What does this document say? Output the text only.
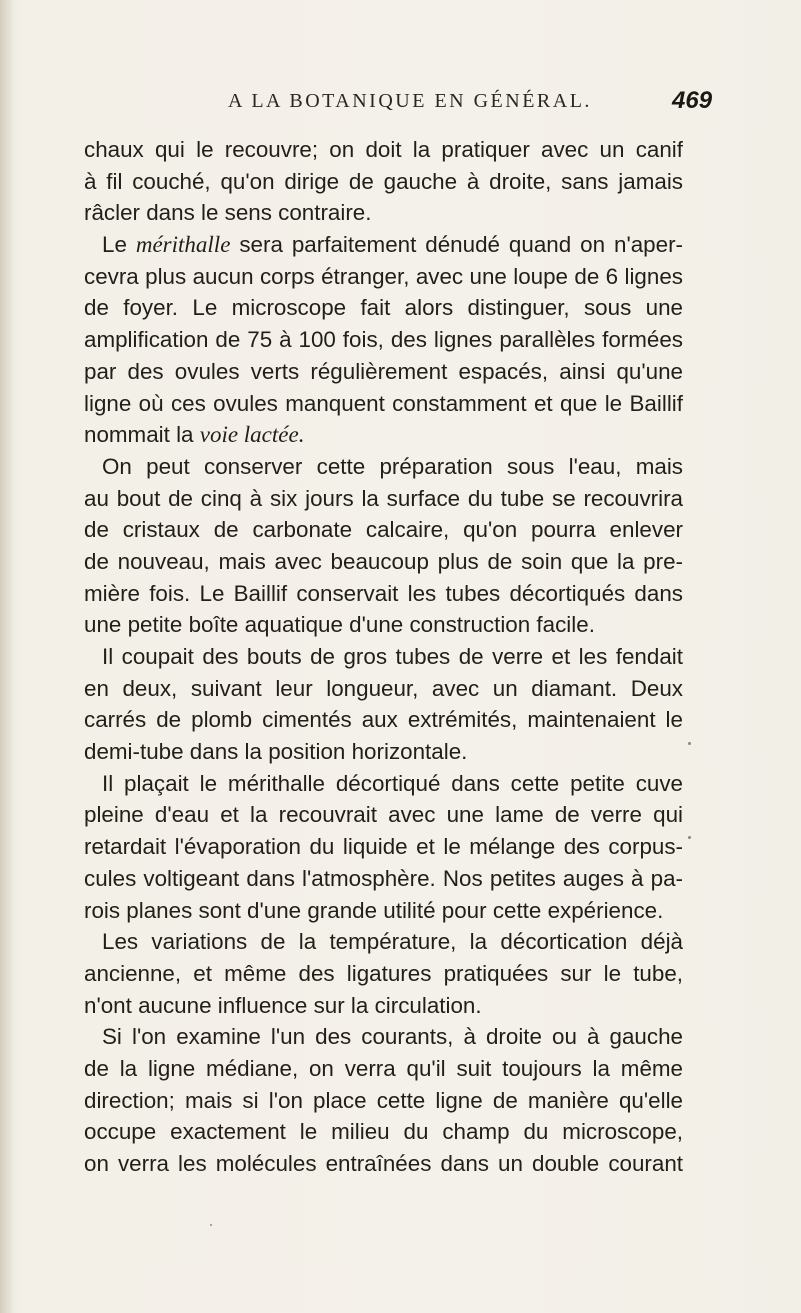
A LA BOTANIQUE EN GÉNÉRAL.	469
chaux qui le recouvre; on doit la pratiquer avec un canif
à fil couché, qu'on dirige de gauche à droite, sans jamais
râcler dans le sens contraire.
Le mérithalle sera parfaitement dénudé quand on n'aper-
cevra plus aucun corps étranger, avec une loupe de 6 lignes
de foyer. Le microscope fait alors distinguer, sous une
amplification de 75 à 100 fois, des lignes parallèles formées
par des ovules verts régulièrement espacés, ainsi qu'une
ligne où ces ovules manquent constamment et que le Baillif
nommait la voie lactée.
On peut conserver cette préparation sous l'eau, mais
au bout de cinq à six jours la surface du tube se recouvrira
de cristaux de carbonate calcaire, qu'on pourra enlever
de nouveau, mais avec beaucoup plus de soin que la pre-
mière fois. Le Baillif conservait les tubes décortiqués dans
une petite boîte aquatique d'une construction facile.
Il coupait des bouts de gros tubes de verre et les fendait
en deux, suivant leur longueur, avec un diamant. Deux
carrés de plomb cimentés aux extrémités, maintenaient le
demi-tube dans la position horizontale.
Il plaçait le mérithalle décortiqué dans cette petite cuve
pleine d'eau et la recouvrait avec une lame de verre qui
retardait l'évaporation du liquide et le mélange des corpus-
cules voltigeant dans l'atmosphère. Nos petites auges à pa-
rois planes sont d'une grande utilité pour cette expérience.
Les variations de la température, la décortication déjà
ancienne, et même des ligatures pratiquées sur le tube,
n'ont aucune influence sur la circulation.
Si l'on examine l'un des courants, à droite ou à gauche
de la ligne médiane, on verra qu'il suit toujours la même
direction; mais si l'on place cette ligne de manière qu'elle
occupe exactement le milieu du champ du microscope,
on verra les molécules entraînées dans un double courant
